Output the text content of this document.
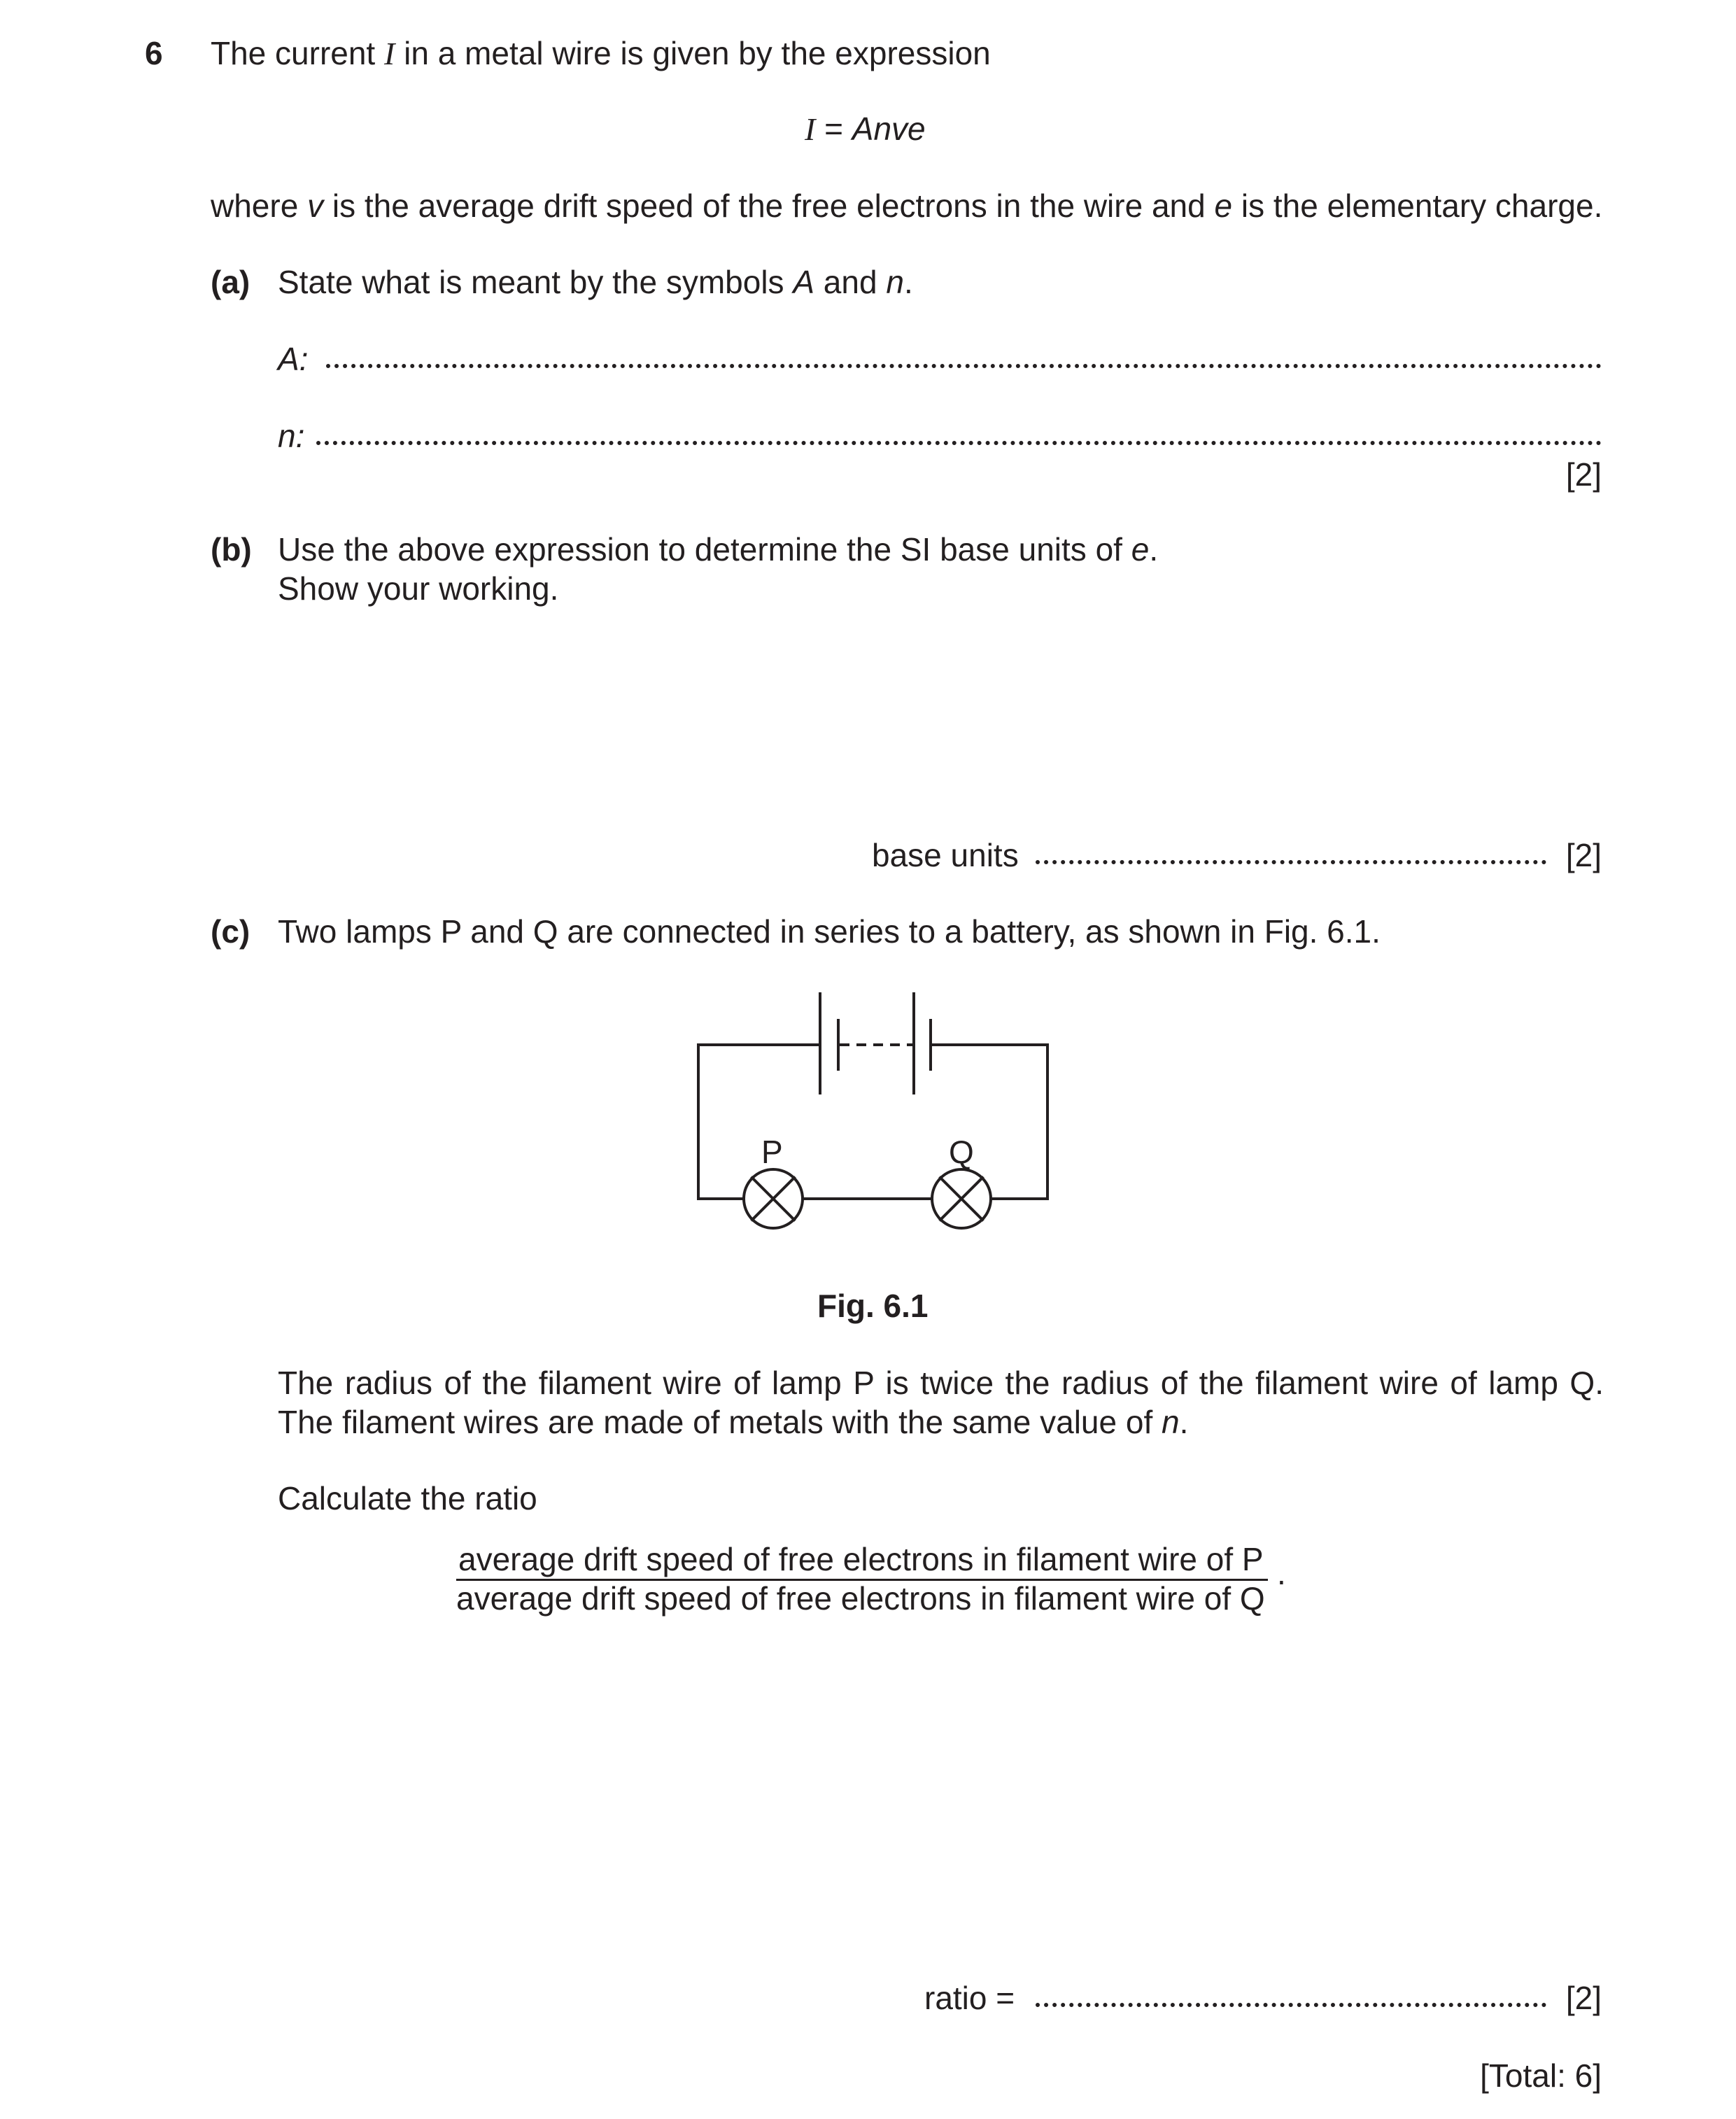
6 The current I in a metal wire is given by the expression
I = Anve
where v is the average drift speed of the free electrons in the wire and e is the elementary charge.
(a) State what is meant by the symbols A and n.
A:
n:
[2]
(b) Use the above expression to determine the SI base units of e.
Show your working.
base units	[2]
(c) Two lamps P and Q are connected in series to a battery, as shown in Fig. 6.1.
P	Q
Fig. 6.1
The radius of the filament wire of lamp P is twice the radius of the filament wire of lamp Q.
The filament wires are made of metals with the same value of n.
Calculate the ratio
average drift speed of free electrons in filament wire of P
average drift speed of free electrons in filament wire of Q
.
ratio =	[2]
[Total: 6]
